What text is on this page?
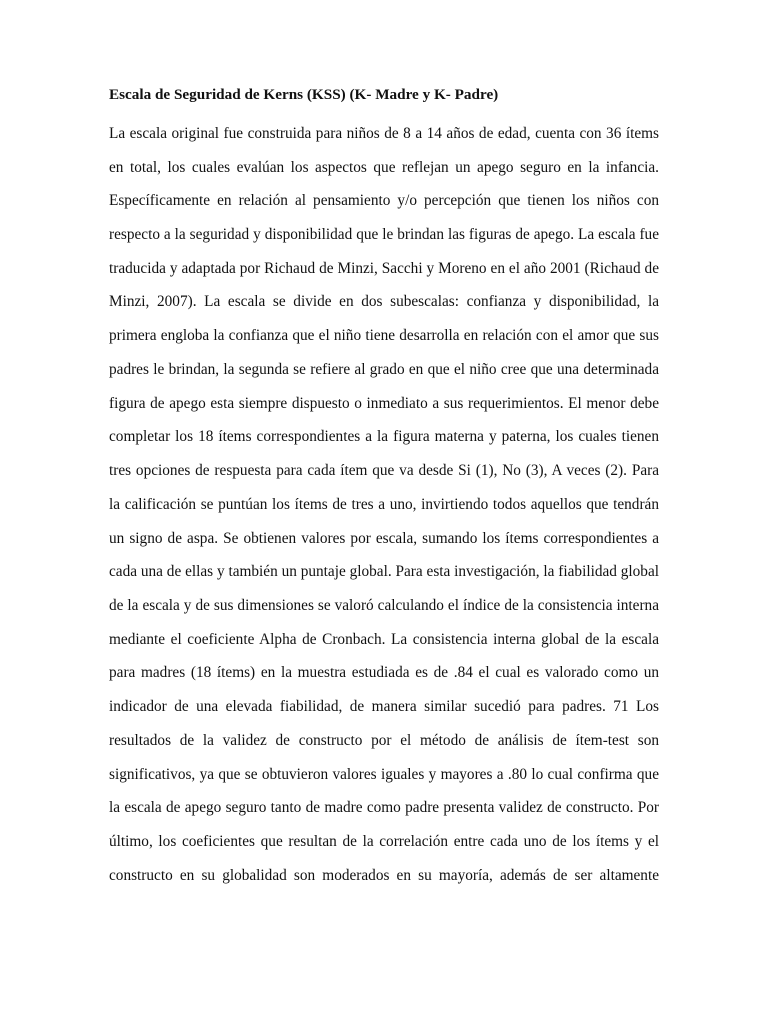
Escala de Seguridad de Kerns (KSS) (K- Madre y K- Padre)
La escala original fue construida para niños de 8 a 14 años de edad, cuenta con 36 ítems
en total, los cuales evalúan los aspectos que reflejan un apego seguro en la infancia.
Específicamente en relación al pensamiento y/o percepción que tienen los niños con
respecto a la seguridad y disponibilidad que le brindan las figuras de apego. La escala fue
traducida y adaptada por Richaud de Minzi, Sacchi y Moreno en el año 2001 (Richaud de
Minzi, 2007). La escala se divide en dos subescalas: confianza y disponibilidad, la
primera engloba la confianza que el niño tiene desarrolla en relación con el amor que sus
padres le brindan, la segunda se refiere al grado en que el niño cree que una determinada
figura de apego esta siempre dispuesto o inmediato a sus requerimientos. El menor debe
completar los 18 ítems correspondientes a la figura materna y paterna, los cuales tienen
tres opciones de respuesta para cada ítem que va desde Si (1), No (3), A veces (2). Para
la calificación se puntúan los ítems de tres a uno, invirtiendo todos aquellos que tendrán
un signo de aspa. Se obtienen valores por escala, sumando los ítems correspondientes a
cada una de ellas y también un puntaje global. Para esta investigación, la fiabilidad global
de la escala y de sus dimensiones se valoró calculando el índice de la consistencia interna
mediante el coeficiente Alpha de Cronbach. La consistencia interna global de la escala
para madres (18 ítems) en la muestra estudiada es de .84 el cual es valorado como un
indicador de una elevada fiabilidad, de manera similar sucedió para padres. 71 Los
resultados de la validez de constructo por el método de análisis de ítem-test son
significativos, ya que se obtuvieron valores iguales y mayores a .80 lo cual confirma que
la escala de apego seguro tanto de madre como padre presenta validez de constructo. Por
último, los coeficientes que resultan de la correlación entre cada uno de los ítems y el
constructo en su globalidad son moderados en su mayoría, además de ser altamente
